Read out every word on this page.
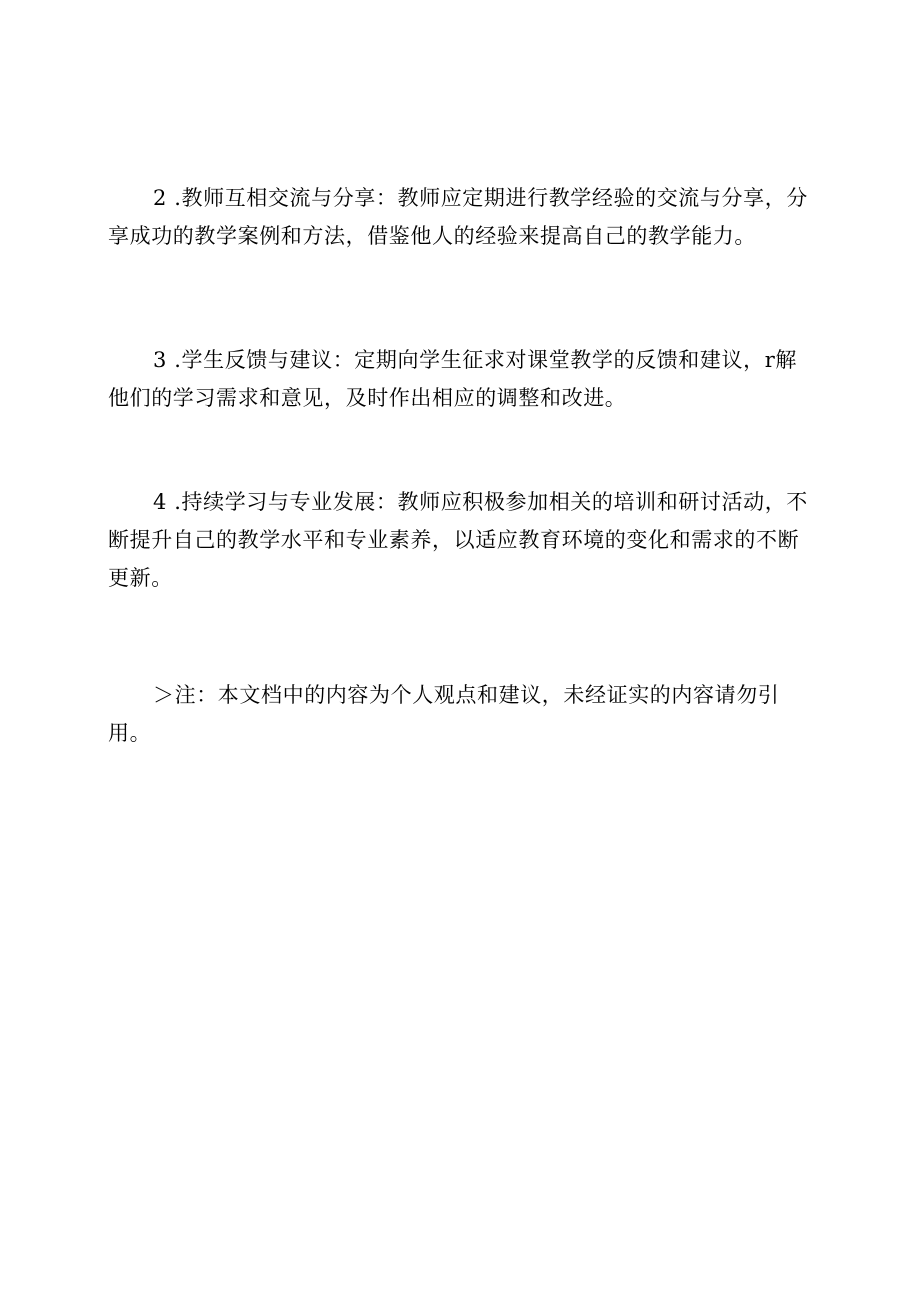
2 .教师互相交流与分享：教师应定期进行教学经验的交流与分享，分享成功的教学案例和方法，借鉴他人的经验来提高自己的教学能力。

3 .学生反馈与建议：定期向学生征求对课堂教学的反馈和建议，r解他们的学习需求和意见，及时作出相应的调整和改进。

4 .持续学习与专业发展：教师应积极参加相关的培训和研讨活动，不断提升自己的教学水平和专业素养，以适应教育环境的变化和需求的不断更新。

＞注：本文档中的内容为个人观点和建议，未经证实的内容请勿引用。
